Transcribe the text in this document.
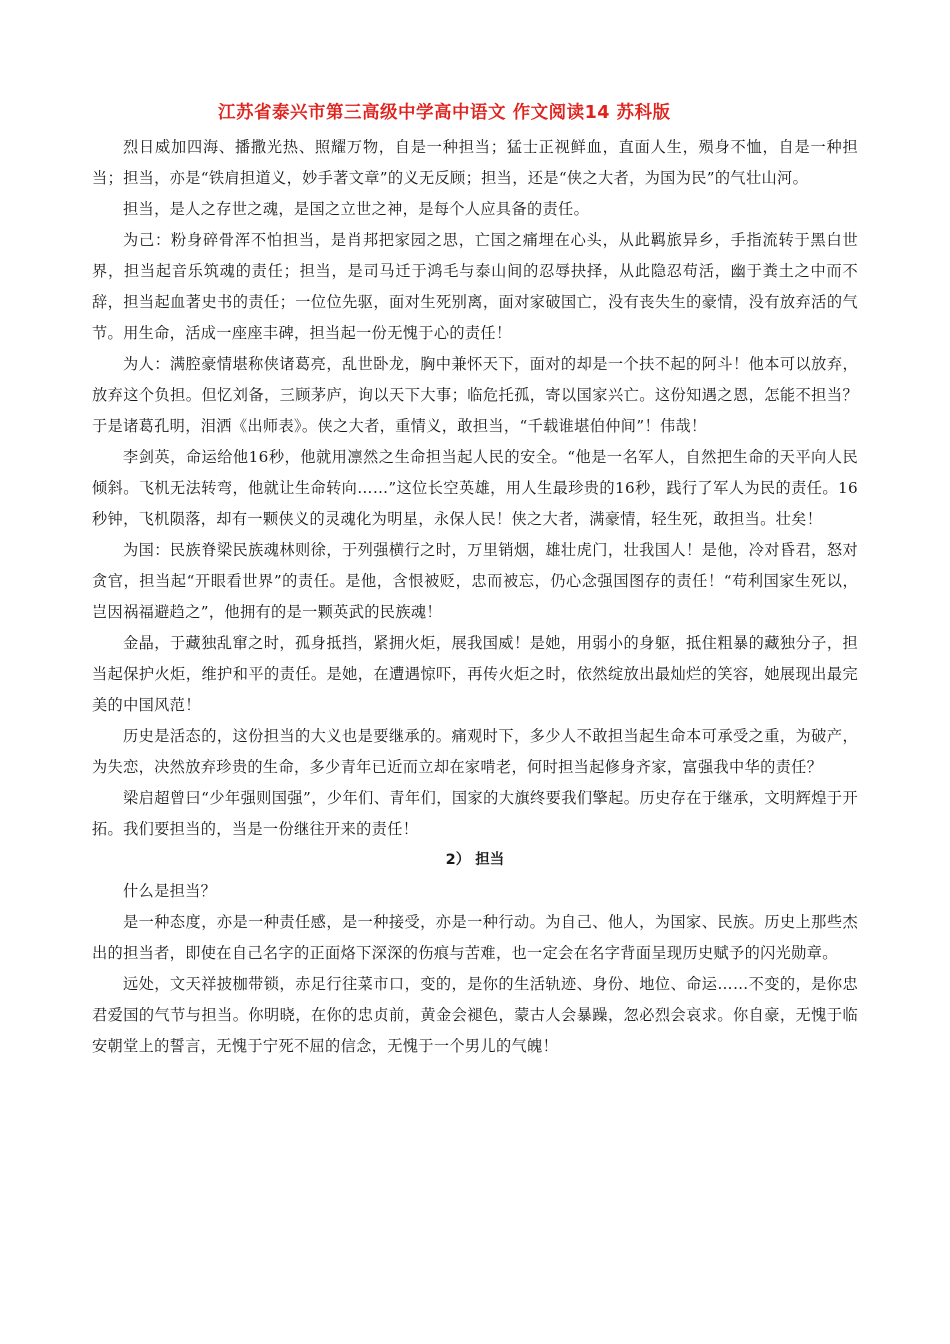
江苏省泰兴市第三高级中学高中语文 作文阅读14 苏科版

烈日威加四海、播撒光热、照耀万物，自是一种担当；猛士正视鲜血，直面人生，殒身不恤，自是一种担当；担当，亦是“铁肩担道义，妙手著文章”的义无反顾；担当，还是“侠之大者，为国为民”的气壮山河。

担当，是人之存世之魂，是国之立世之神，是每个人应具备的责任。

为己：粉身碎骨浑不怕担当，是肖邦把家园之思，亡国之痛埋在心头，从此羁旅异乡，手指流转于黑白世界，担当起音乐筑魂的责任；担当，是司马迁于鸿毛与泰山间的忍辱抉择，从此隐忍苟活，幽于粪土之中而不辞，担当起血著史书的责任；一位位先驱，面对生死别离，面对家破国亡，没有丧失生的豪情，没有放弃活的气节。用生命，活成一座座丰碑，担当起一份无愧于心的责任！

为人：满腔豪情堪称侠诸葛亮，乱世卧龙，胸中兼怀天下，面对的却是一个扶不起的阿斗！他本可以放弃，放弃这个负担。但忆刘备，三顾茅庐，询以天下大事；临危托孤，寄以国家兴亡。这份知遇之恩，怎能不担当？于是诸葛孔明，泪洒《出师表》。侠之大者，重情义，敢担当，“千载谁堪伯仲间”！伟哉！

李剑英，命运给他16秒，他就用凛然之生命担当起人民的安全。“他是一名军人，自然把生命的天平向人民倾斜。飞机无法转弯，他就让生命转向……”这位长空英雄，用人生最珍贵的16秒，践行了军人为民的责任。16秒钟，飞机陨落，却有一颗侠义的灵魂化为明星，永保人民！侠之大者，满豪情，轻生死，敢担当。壮矣！

为国：民族脊梁民族魂林则徐，于列强横行之时，万里销烟，雄壮虎门，壮我国人！是他，冷对昏君，怒对贪官，担当起“开眼看世界”的责任。是他，含恨被贬，忠而被忘，仍心念强国图存的责任！“苟利国家生死以，岂因祸福避趋之”，他拥有的是一颗英武的民族魂！

金晶，于藏独乱窜之时，孤身抵挡，紧拥火炬，展我国威！是她，用弱小的身躯，抵住粗暴的藏独分子，担当起保护火炬，维护和平的责任。是她，在遭遇惊吓，再传火炬之时，依然绽放出最灿烂的笑容，她展现出最完美的中国风范！

历史是活态的，这份担当的大义也是要继承的。痛观时下，多少人不敢担当起生命本可承受之重，为破产，为失恋，决然放弃珍贵的生命，多少青年已近而立却在家啃老，何时担当起修身齐家，富强我中华的责任？

梁启超曾曰“少年强则国强”，少年们、青年们，国家的大旗终要我们擎起。历史存在于继承，文明辉煌于开拓。我们要担当的，当是一份继往开来的责任！

2） 担当

什么是担当？

是一种态度，亦是一种责任感，是一种接受，亦是一种行动。为自己、他人，为国家、民族。历史上那些杰出的担当者，即使在自己名字的正面烙下深深的伤痕与苦难，也一定会在名字背面呈现历史赋予的闪光勋章。

远处，文天祥披枷带锁，赤足行往菜市口，变的，是你的生活轨迹、身份、地位、命运……不变的，是你忠君爱国的气节与担当。你明晓，在你的忠贞前，黄金会褪色，蒙古人会暴躁，忽必烈会哀求。你自豪，无愧于临安朝堂上的誓言，无愧于宁死不屈的信念，无愧于一个男儿的气魄！
